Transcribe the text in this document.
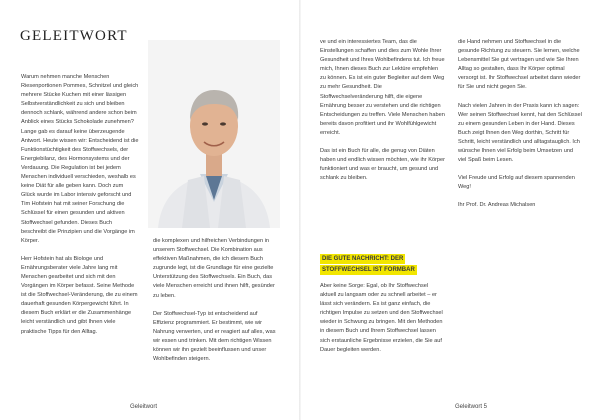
GELEITWORT

Warum nehmen manche Menschen Riesenportionen Pommes, Schnitzel und gleich mehrere Stücke Kuchen mit einer lässigen Selbstverständlichkeit zu sich und bleiben dennoch schlank, während andere schon beim Anblick eines Stücks Schokolade zunehmen? Lange gab es darauf keine überzeugende Antwort. Heute wissen wir: Entscheidend ist die Funktionstüchtigkeit des Stoffwechsels, der Energiebilanz, des Hormonsystems und der Verdauung. Die Regulation ist bei jedem Menschen individuell verschieden, weshalb es keine Diät für alle geben kann. Doch zum Glück wurde im Labor intensiv geforscht und Tim Hofstein hat mit seiner Forschung die Schlüssel für einen gesunden und aktiven Stoffwechsel gefunden. Dieses Buch beschreibt die Prinzipien und die Vorgänge im Körper.

Herr Hofstein hat als Biologe und Ernährungsberater viele Jahre lang mit Menschen gearbeitet und sich mit den Vorgängen im Körper befasst. Seine Methode ist die Stoffwechsel-Veränderung, die zu einem dauerhaft gesunden Körpergewicht führt. In diesem Buch erklärt er die Zusammenhänge leicht verständlich und gibt Ihnen viele praktische Tipps für den Alltag.

die komplexen und hilfreichen Verbindungen in unserem Stoffwechsel. Die Kombination aus effektiven Maßnahmen, die ich diesem Buch zugrunde legt, ist die Grundlage für eine gezielte Unterstützung des Stoffwechsels. Ein Buch, das viele Menschen erreicht und ihnen hilft, gesünder zu leben.

Der Stoffwechsel-Typ ist entscheidend auf Effizienz programmiert. Er bestimmt, wie wir Nahrung verwerten, und er reagiert auf alles, was wir essen und trinken. Mit dem richtigen Wissen können wir ihn gezielt beeinflussen und unser Wohlbefinden steigern.

Geleitwort

ve und ein interessiertes Team, das die Einstellungen schaffen und dies zum Wohle Ihrer Gesundheit und Ihres Wohlbefindens tut. Ich freue mich, Ihnen dieses Buch zur Lektüre empfehlen zu können. Es ist ein guter Begleiter auf dem Weg zu mehr Gesundheit. Die Stoffwechselveränderung hilft, die eigene Ernährung besser zu verstehen und die richtigen Entscheidungen zu treffen. Viele Menschen haben bereits davon profitiert und ihr Wohlfühlgewicht erreicht.

Das ist ein Buch für alle, die genug von Diäten haben und endlich wissen möchten, wie ihr Körper funktioniert und was er braucht, um gesund und schlank zu bleiben.

DIE GUTE NACHRICHT: DER
STOFFWECHSEL IST FORMBAR

Aber keine Sorge: Egal, ob Ihr Stoffwechsel aktuell zu langsam oder zu schnell arbeitet – er lässt sich verändern. Es ist ganz einfach, die richtigen Impulse zu setzen und den Stoffwechsel wieder in Schwung zu bringen. Mit den Methoden in diesem Buch und Ihrem Stoffwechsel lassen sich erstaunliche Ergebnisse erzielen, die Sie auf Dauer begleiten werden.

die Hand nehmen und Stoffwechsel in die gesunde Richtung zu steuern. Sie lernen, welche Lebensmittel Sie gut vertragen und wie Sie Ihren Alltag so gestalten, dass Ihr Körper optimal versorgt ist. Ihr Stoffwechsel arbeitet dann wieder für Sie und nicht gegen Sie.

Nach vielen Jahren in der Praxis kann ich sagen: Wer seinen Stoffwechsel kennt, hat den Schlüssel zu einem gesunden Leben in der Hand. Dieses Buch zeigt Ihnen den Weg dorthin, Schritt für Schritt, leicht verständlich und alltagstauglich. Ich wünsche Ihnen viel Erfolg beim Umsetzen und viel Spaß beim Lesen.

Viel Freude und Erfolg auf diesem spannenden Weg!

Ihr Prof. Dr. Andreas Michalsen

Geleitwort 5
